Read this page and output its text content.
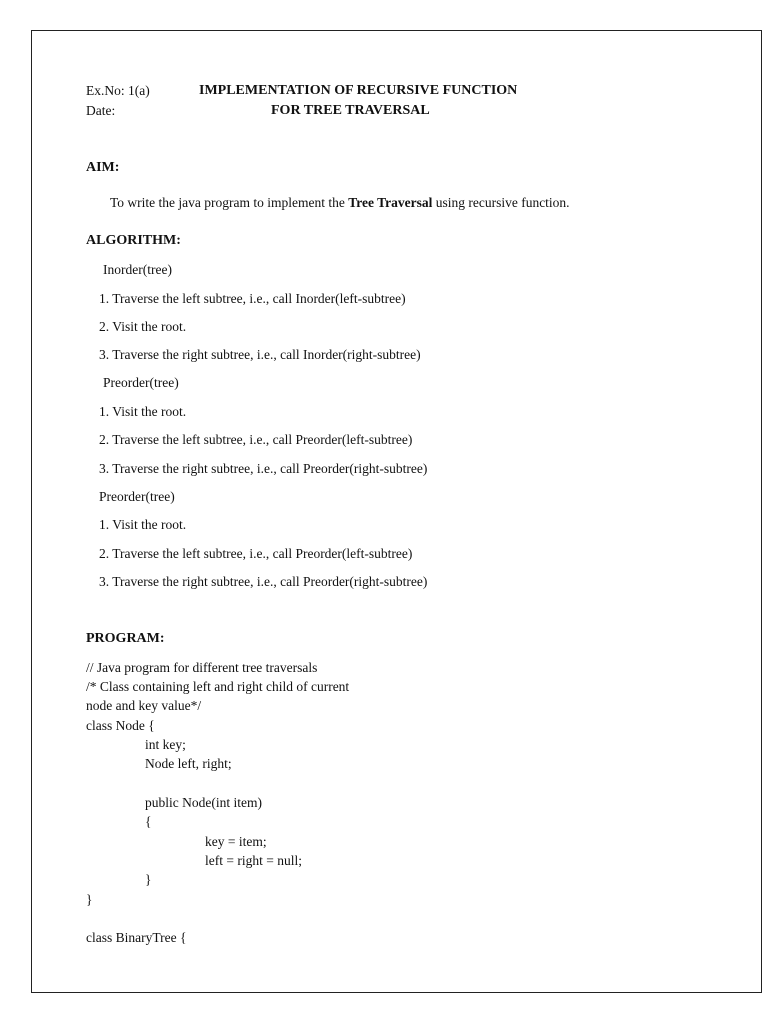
Ex.No: 1(a)
Date:
IMPLEMENTATION OF RECURSIVE FUNCTION
FOR TREE TRAVERSAL
AIM:
To write the java program to implement the Tree Traversal using recursive function.
ALGORITHM:
Inorder(tree)
1. Traverse the left subtree, i.e., call Inorder(left-subtree)
2. Visit the root.
3. Traverse the right subtree, i.e., call Inorder(right-subtree)
Preorder(tree)
1. Visit the root.
2. Traverse the left subtree, i.e., call Preorder(left-subtree)
3. Traverse the right subtree, i.e., call Preorder(right-subtree)
Preorder(tree)
1. Visit the root.
2. Traverse the left subtree, i.e., call Preorder(left-subtree)
3. Traverse the right subtree, i.e., call Preorder(right-subtree)
PROGRAM:
// Java program for different tree traversals
/* Class containing left and right child of current
node and key value*/
class Node {
int key;
Node left, right;
public Node(int item)
{
key = item;
left = right = null;
}
}
class BinaryTree {
